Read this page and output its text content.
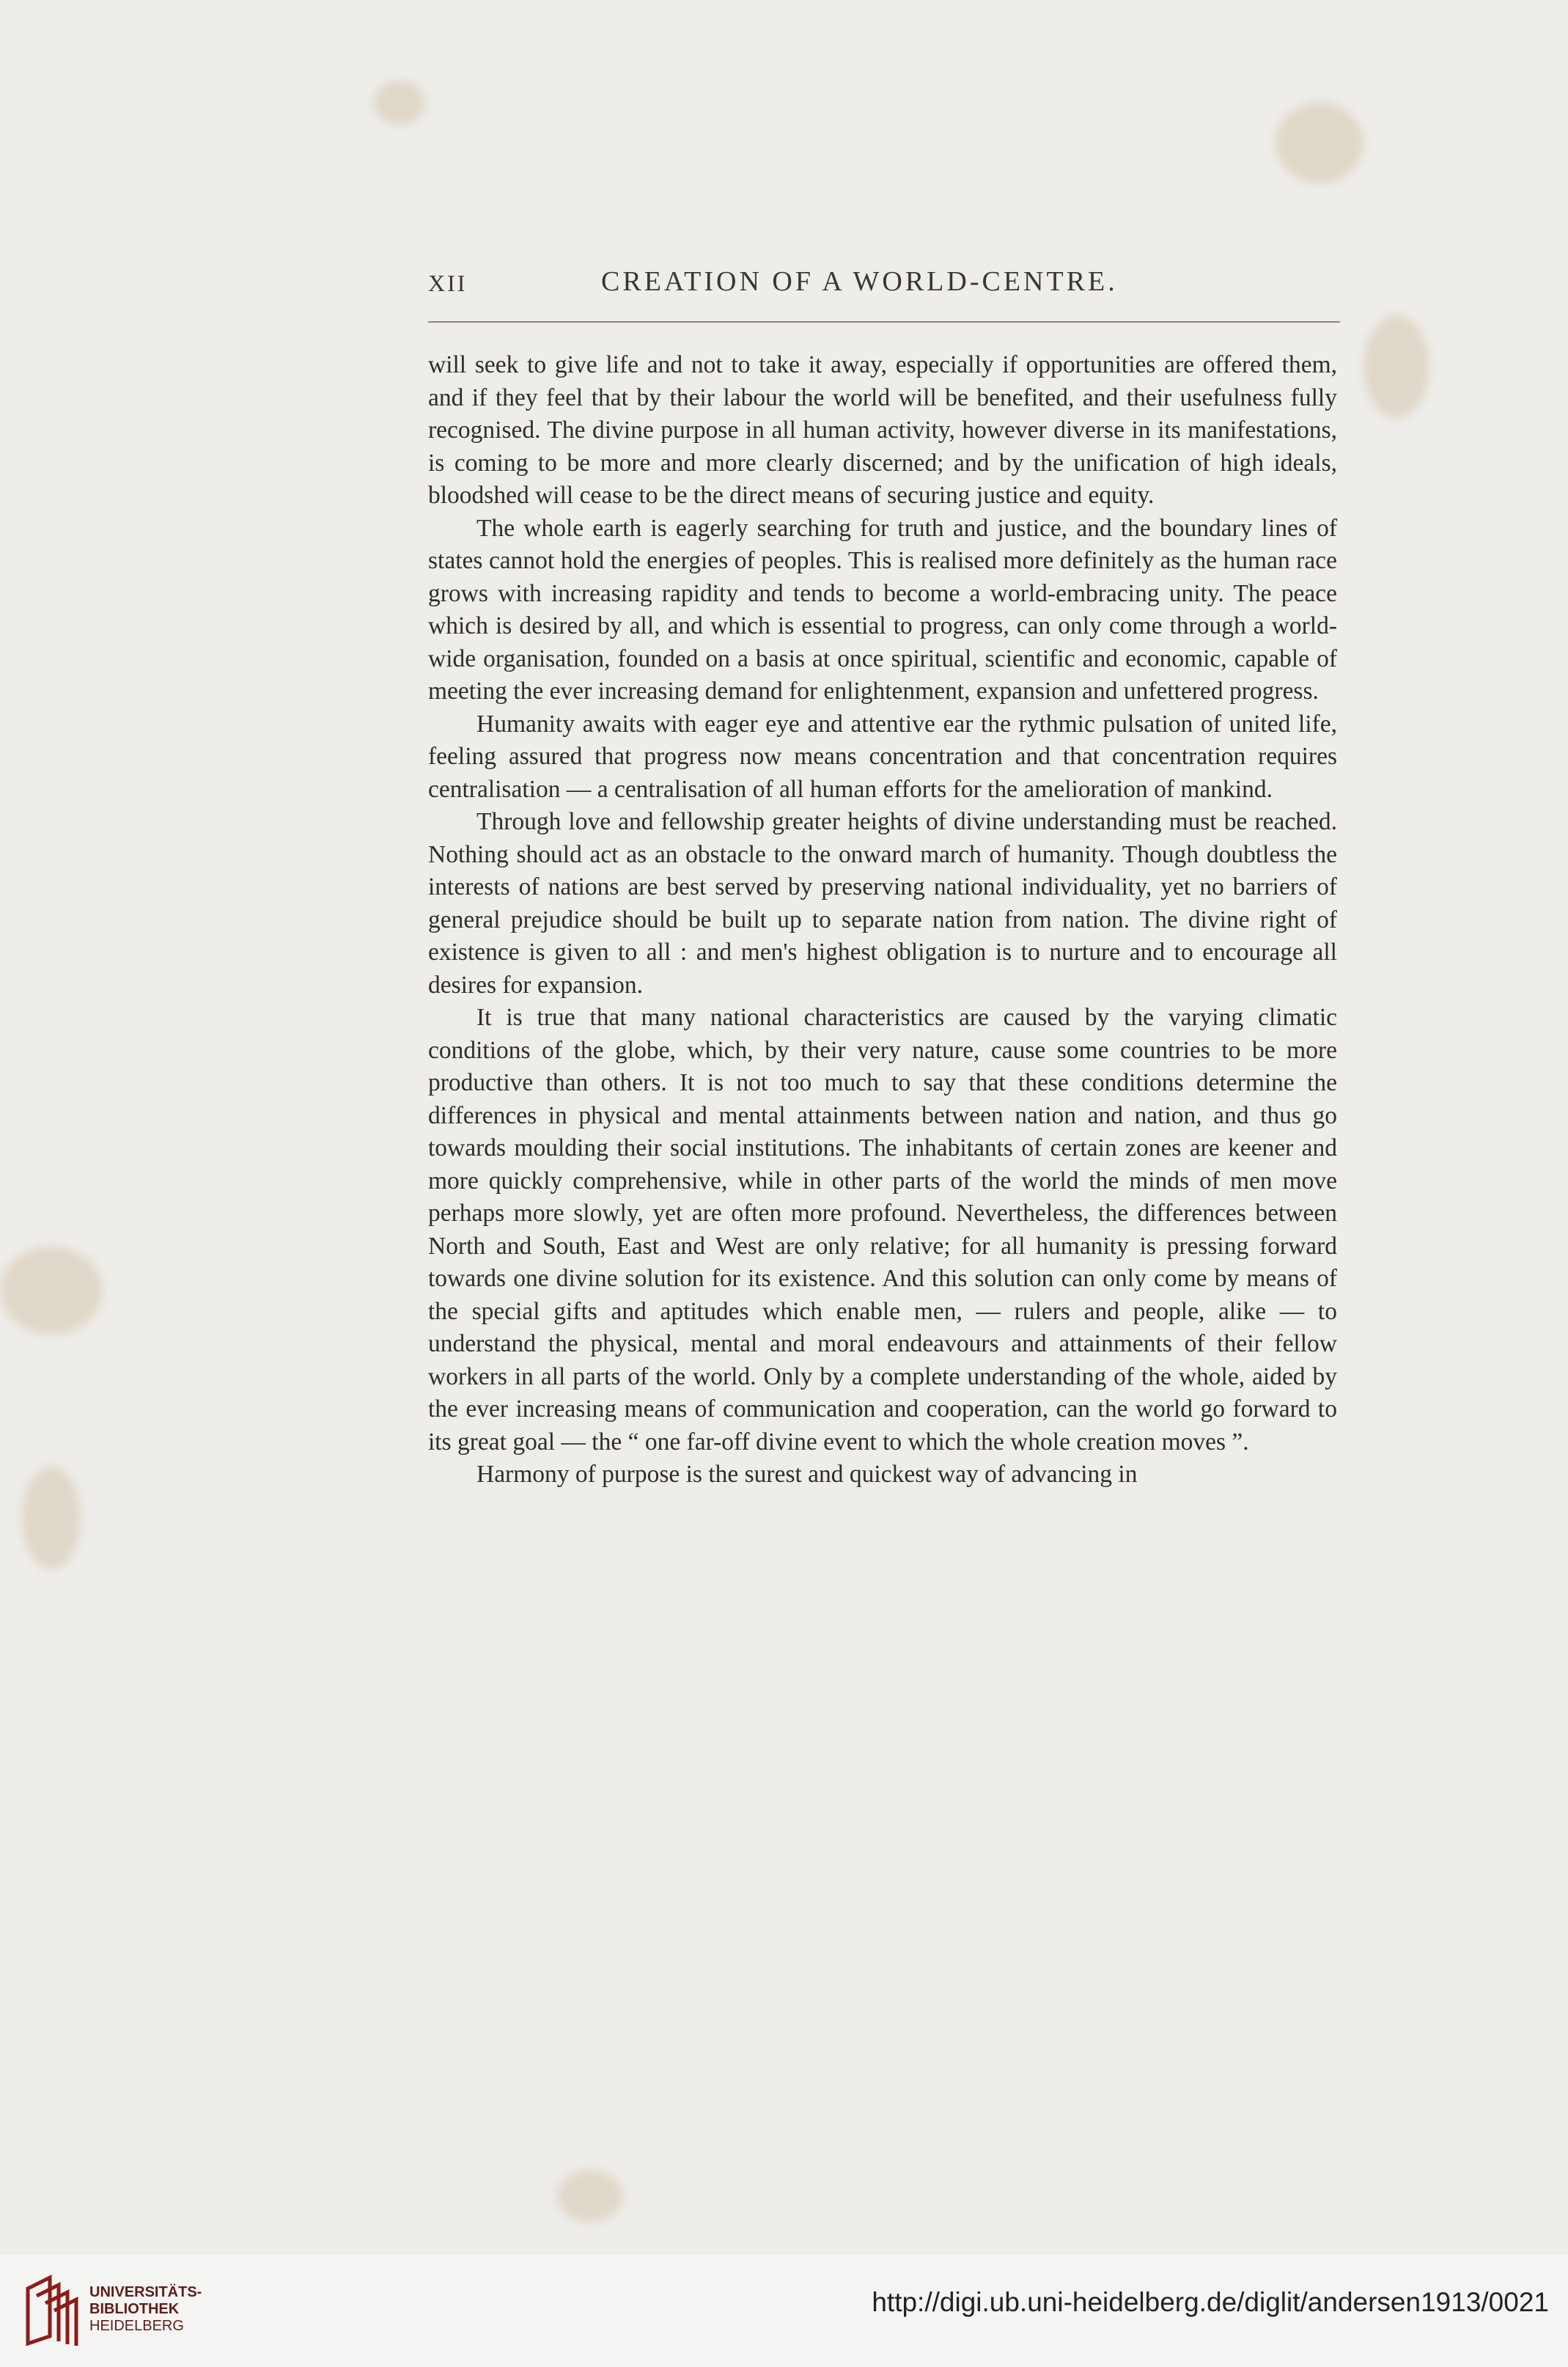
XII	CREATION OF A WORLD-CENTRE.

will seek to give life and not to take it away, especially if opportunities are offered them, and if they feel that by their labour the world will be benefited, and their usefulness fully recognised. The divine purpose in all human activity, however diverse in its manifestations, is coming to be more and more clearly discerned; and by the unification of high ideals, bloodshed will cease to be the direct means of securing justice and equity.

The whole earth is eagerly searching for truth and justice, and the boundary lines of states cannot hold the energies of peoples. This is realised more definitely as the human race grows with increasing rapidity and tends to become a world-embracing unity. The peace which is desired by all, and which is essential to progress, can only come through a world-wide organisation, founded on a basis at once spiritual, scientific and economic, capable of meeting the ever increasing demand for enlightenment, expansion and unfettered progress.

Humanity awaits with eager eye and attentive ear the rythmic pulsation of united life, feeling assured that progress now means concentration and that concentration requires centralisation — a centralisation of all human efforts for the amelioration of mankind.

Through love and fellowship greater heights of divine understanding must be reached. Nothing should act as an obstacle to the onward march of humanity. Though doubtless the interests of nations are best served by preserving national individuality, yet no barriers of general prejudice should be built up to separate nation from nation. The divine right of existence is given to all : and men's highest obligation is to nurture and to encourage all desires for expansion.

It is true that many national characteristics are caused by the varying climatic conditions of the globe, which, by their very nature, cause some countries to be more productive than others. It is not too much to say that these conditions determine the differences in physical and mental attainments between nation and nation, and thus go towards moulding their social institutions. The inhabitants of certain zones are keener and more quickly comprehensive, while in other parts of the world the minds of men move perhaps more slowly, yet are often more profound. Nevertheless, the differences between North and South, East and West are only relative; for all humanity is pressing forward towards one divine solution for its existence. And this solution can only come by means of the special gifts and aptitudes which enable men, — rulers and people, alike — to understand the physical, mental and moral endeavours and attainments of their fellow workers in all parts of the world. Only by a complete understanding of the whole, aided by the ever increasing means of communication and cooperation, can the world go forward to its great goal — the “ one far-off divine event to which the whole creation moves ”.

Harmony of purpose is the surest and quickest way of advancing in

UNIVERSITÄTS-
BIBLIOTHEK
HEIDELBERG
http://digi.ub.uni-heidelberg.de/diglit/andersen1913/0021
